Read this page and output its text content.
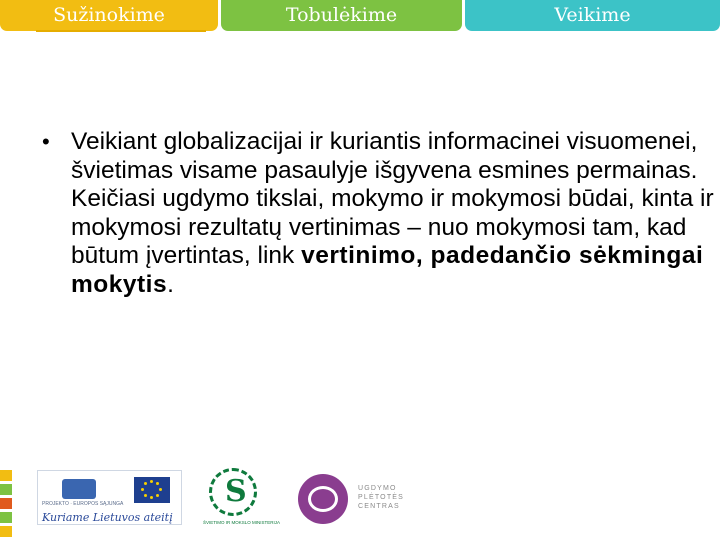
Sužinokime	Tobulėkime	Veikime
• Veikiant globalizacijai ir kuriantis informacinei visuomenei, švietimas visame pasaulyje išgyvena esmines permainas. Keičiasi ugdymo tikslai, mokymo ir mokymosi būdai, kinta ir mokymosi rezultatų vertinimas – nuo mokymosi tam, kad būtum įvertintas, link vertinimo, padedančio sėkmingai mokytis.
PROJEKTO · EUROPOS SĄJUNGA
Kuriame Lietuvos ateitį
S
ŠVIETIMO IR MOKSLO MINISTERIJA
UGDYMO
PLĖTOTĖS
CENTRAS
